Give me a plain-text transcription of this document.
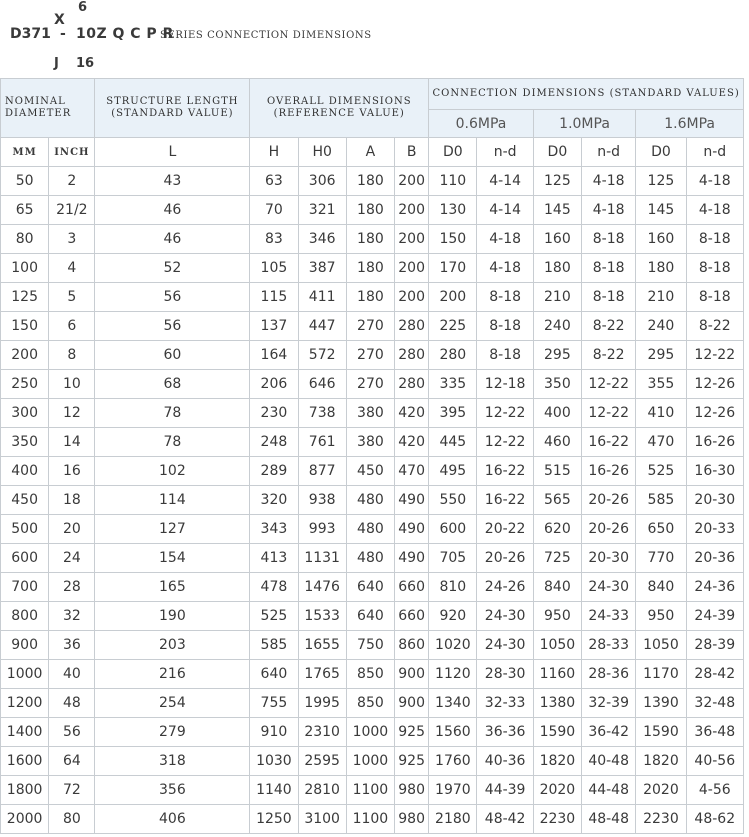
6
X
D371 - 10Z Q C P R
SERIES CONNECTION DIMENSIONS
J 16
NOMINAL DIAMETER		STRUCTURE LENGTH (STANDARD VALUE)	OVERALL DIMENSIONS (REFERENCE VALUE)				CONNECTION DIMENSIONS (STANDARD VALUES)					
							0.6MPa		1.0MPa		1.6MPa	
MM	INCH	L	H	H0	A	B	D0	n-d	D0	n-d	D0	n-d
50	2	43	63	306	180	200	110	4-14	125	4-18	125	4-18
65	21/2	46	70	321	180	200	130	4-14	145	4-18	145	4-18
80	3	46	83	346	180	200	150	4-18	160	8-18	160	8-18
100	4	52	105	387	180	200	170	4-18	180	8-18	180	8-18
125	5	56	115	411	180	200	200	8-18	210	8-18	210	8-18
150	6	56	137	447	270	280	225	8-18	240	8-22	240	8-22
200	8	60	164	572	270	280	280	8-18	295	8-22	295	12-22
250	10	68	206	646	270	280	335	12-18	350	12-22	355	12-26
300	12	78	230	738	380	420	395	12-22	400	12-22	410	12-26
350	14	78	248	761	380	420	445	12-22	460	16-22	470	16-26
400	16	102	289	877	450	470	495	16-22	515	16-26	525	16-30
450	18	114	320	938	480	490	550	16-22	565	20-26	585	20-30
500	20	127	343	993	480	490	600	20-22	620	20-26	650	20-33
600	24	154	413	1131	480	490	705	20-26	725	20-30	770	20-36
700	28	165	478	1476	640	660	810	24-26	840	24-30	840	24-36
800	32	190	525	1533	640	660	920	24-30	950	24-33	950	24-39
900	36	203	585	1655	750	860	1020	24-30	1050	28-33	1050	28-39
1000	40	216	640	1765	850	900	1120	28-30	1160	28-36	1170	28-42
1200	48	254	755	1995	850	900	1340	32-33	1380	32-39	1390	32-48
1400	56	279	910	2310	1000	925	1560	36-36	1590	36-42	1590	36-48
1600	64	318	1030	2595	1000	925	1760	40-36	1820	40-48	1820	40-56
1800	72	356	1140	2810	1100	980	1970	44-39	2020	44-48	2020	4-56
2000	80	406	1250	3100	1100	980	2180	48-42	2230	48-48	2230	48-62
